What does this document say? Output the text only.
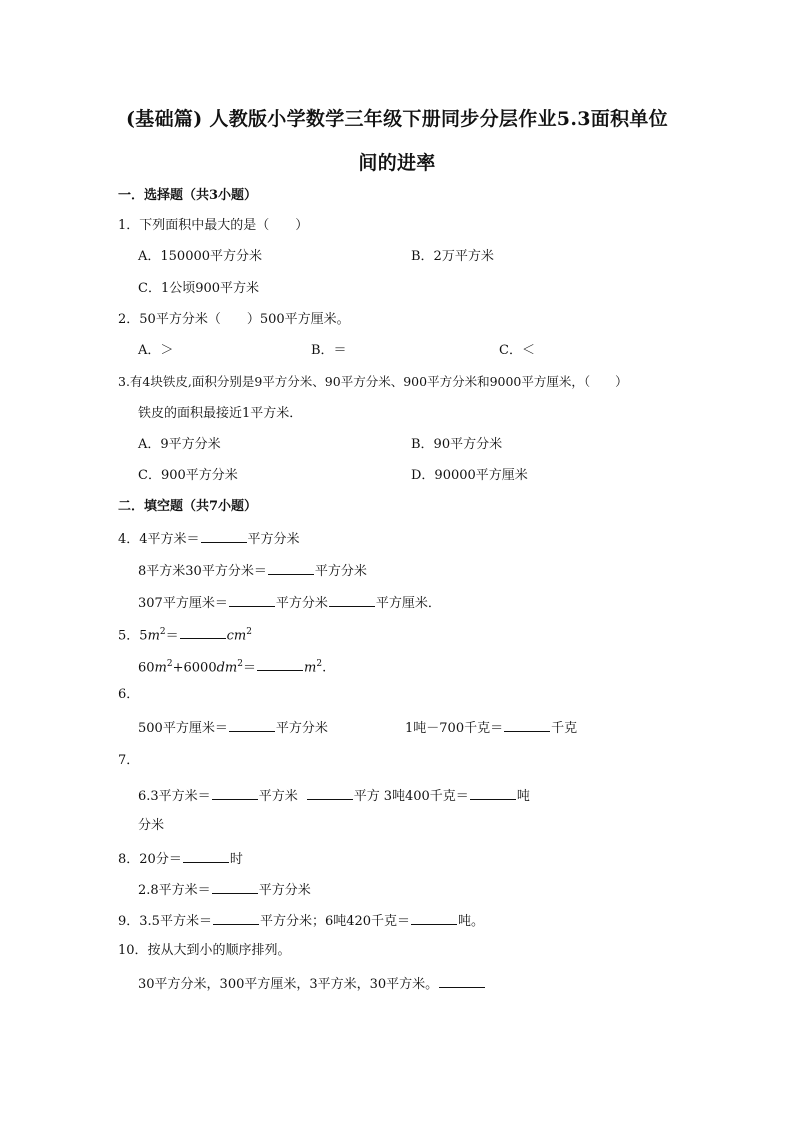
(基础篇) 人教版小学数学三年级下册同步分层作业5.3面积单位
间的进率
一．选择题（共3小题）
1．下列面积中最大的是（　　）
A．150000平方分米	B．2万平方米
C．1公顷900平方米
2．50平方分米（　　）500平方厘米。
A．＞	B．＝	C．＜
3.有4块铁皮,面积分别是9平方分米、90平方分米、900平方分米和9000平方厘米，（　　）
铁皮的面积最接近1平方米．
A．9平方分米	B．90平方分米
C．900平方分米	D．90000平方厘米
二．填空题（共7小题）
4．4平方米＝	平方分米
8平方米30平方分米＝	平方分米
307平方厘米＝	平方分米	平方厘米．
5．$5m^2=$	$cm^2$
$60m^2+6000dm^2=$	$m^2$.
6．
500平方厘米＝	平方分米	1吨－700千克＝	千克
7．
6.3平方米＝	平方米	平方 3吨400千克＝	吨
分米
8．20分＝	时
2.8平方米＝	平方分米
9．3.5平方米＝	平方分米；6吨420千克＝	吨。
10．按从大到小的顺序排列。
30平方分米，300平方厘米，3平方米，30平方米。
